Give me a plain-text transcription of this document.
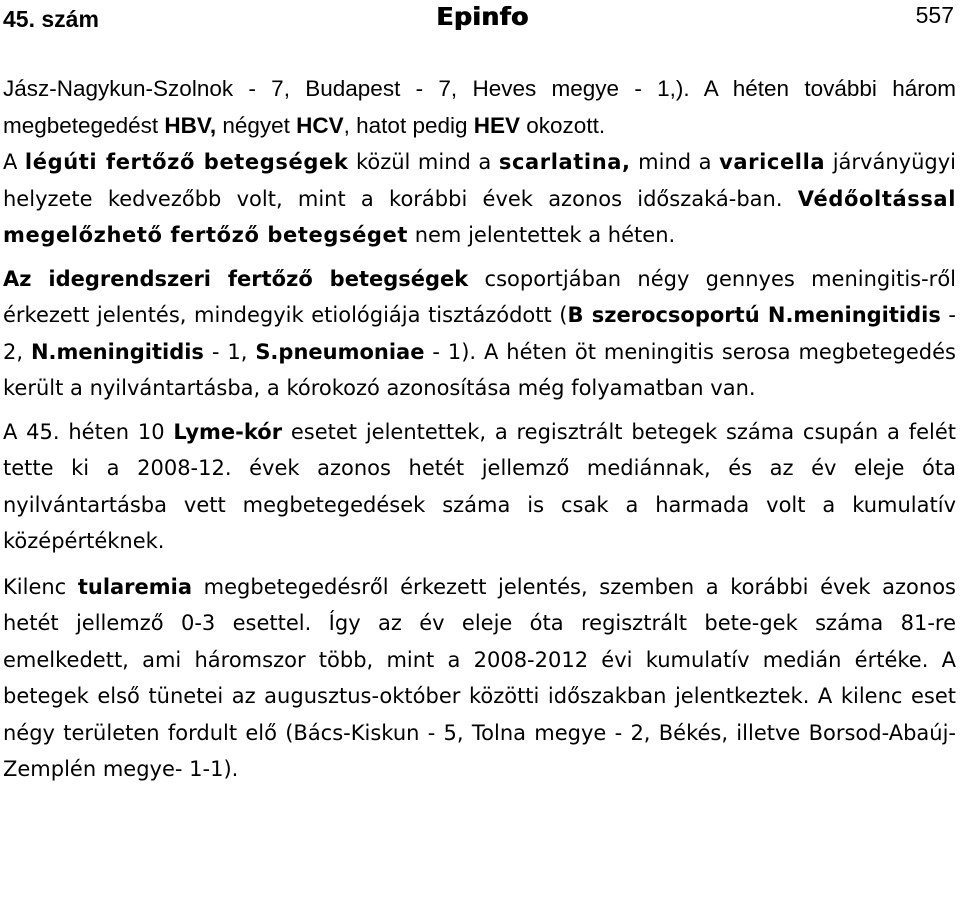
45. szám	Epinfo	557

Jász-Nagykun-Szolnok - 7, Budapest - 7, Heves megye - 1,). A héten további három megbetegedést HBV, négyet HCV, hatot pedig HEV okozott.

A légúti fertőző betegségek közül mind a scarlatina, mind a varicella járványügyi helyzete kedvezőbb volt, mint a korábbi évek azonos időszaká-ban. Védőoltással megelőzhető fertőző betegséget nem jelentettek a héten.

Az idegrendszeri fertőző betegségek csoportjában négy gennyes meningitis-ről érkezett jelentés, mindegyik etiológiája tisztázódott (B szerocsoportú N.meningitidis - 2, N.meningitidis - 1, S.pneumoniae - 1). A héten öt meningitis serosa megbetegedés került a nyilvántartásba, a kórokozó azonosítása még folyamatban van.

A 45. héten 10 Lyme-kór esetet jelentettek, a regisztrált betegek száma csupán a felét tette ki a 2008-12. évek azonos hetét jellemző mediánnak, és az év eleje óta nyilvántartásba vett megbetegedések száma is csak a harmada volt a kumulatív középértéknek.

Kilenc tularemia megbetegedésről érkezett jelentés, szemben a korábbi évek azonos hetét jellemző 0-3 esettel. Így az év eleje óta regisztrált bete-gek száma 81-re emelkedett, ami háromszor több, mint a 2008-2012 évi kumulatív medián értéke. A betegek első tünetei az augusztus-október közötti időszakban jelentkeztek. A kilenc eset négy területen fordult elő (Bács-Kiskun - 5, Tolna megye - 2, Békés, illetve Borsod-Abaúj-Zemplén megye- 1-1).
